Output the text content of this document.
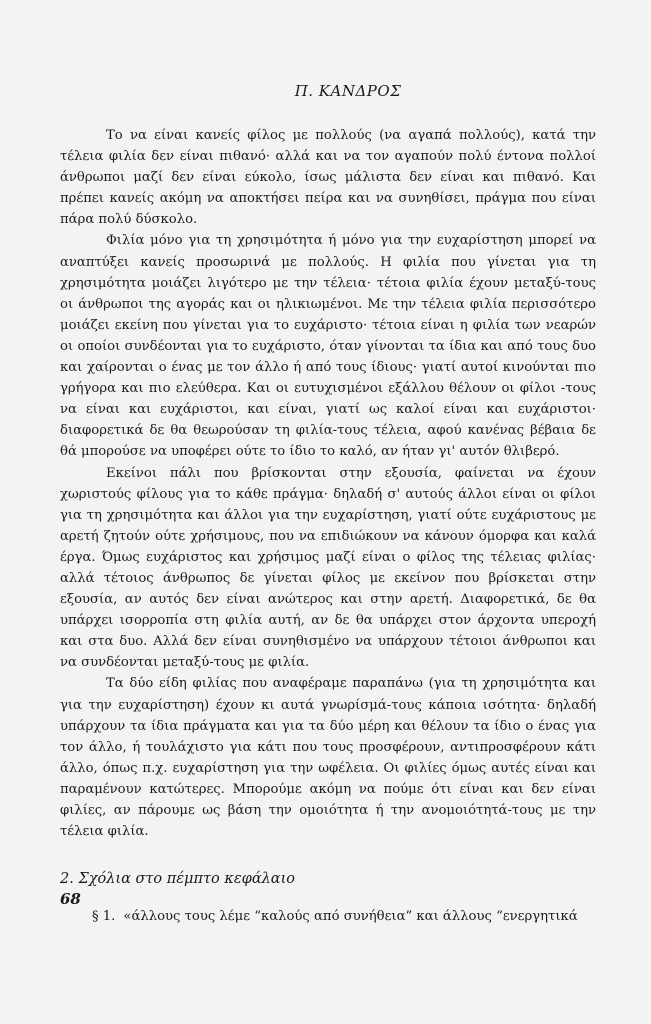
Π. ΚΑΝΔΡΟΣ

Το να είναι κανείς φίλος με πολλούς (να αγαπά πολλούς), κατά την τέλεια φιλία δεν είναι πιθανό· αλλά και να τον αγαπούν πολύ έντονα πολλοί άνθρωποι μαζί δεν είναι εύκολο, ίσως μάλιστα δεν είναι και πιθανό. Και πρέπει κανείς ακόμη να αποκτήσει πείρα και να συνηθίσει, πράγμα που είναι πάρα πολύ δύσκολο.

Φιλία μόνο για τη χρησιμότητα ή μόνο για την ευχαρίστηση μπορεί να αναπτύξει κανείς προσωρινά με πολλούς. Η φιλία που γίνεται για τη χρησιμότητα μοιάζει λιγότερο με την τέλεια· τέτοια φιλία έχουν μεταξύ-τους οι άνθρωποι της αγοράς και οι ηλικιωμένοι. Με την τέλεια φιλία περισσότερο μοιάζει εκείνη που γίνεται για το ευχάριστο· τέτοια είναι η φιλία των νεαρών οι οποίοι συνδέονται για το ευχάριστο, όταν γίνονται τα ίδια και από τους δυο και χαίρονται ο ένας με τον άλλο ή από τους ίδιους· γιατί αυτοί κινούνται πιο γρήγορα και πιο ελεύθερα. Και οι ευτυχισμένοι εξάλλου θέλουν οι φίλοι -τους να είναι και ευχάριστοι, και είναι, γιατί ως καλοί είναι και ευχάριστοι· διαφορετικά δε θα θεωρούσαν τη φιλία-τους τέλεια, αφού κανένας βέβαια δε θά μπορούσε να υποφέρει ούτε το ίδιο το καλό, αν ήταν γι' αυτόν θλιβερό.

Εκείνοι πάλι που βρίσκονται στην εξουσία, φαίνεται να έχουν χωριστούς φίλους για το κάθε πράγμα· δηλαδή σ' αυτούς άλλοι είναι οι φίλοι για τη χρησιμότητα και άλλοι για την ευχαρίστηση, γιατί ούτε ευχάριστους με αρετή ζητούν ούτε χρήσιμους, που να επιδιώκουν να κάνουν όμορφα και καλά έργα. Όμως ευχάριστος και χρήσιμος μαζί είναι ο φίλος της τέλειας φιλίας· αλλά τέτοιος άνθρωπος δε γίνεται φίλος με εκείνον που βρίσκεται στην εξουσία, αν αυτός δεν είναι ανώτερος και στην αρετή. Διαφορετικά, δε θα υπάρχει ισορροπία στη φιλία αυτή, αν δε θα υπάρχει στον άρχοντα υπεροχή και στα δυο. Αλλά δεν είναι συνηθισμένο να υπάρχουν τέτοιοι άνθρωποι και να συνδέονται μεταξύ-τους με φιλία.

Τα δύο είδη φιλίας που αναφέραμε παραπάνω (για τη χρησιμότητα και για την ευχαρίστηση) έχουν κι αυτά γνωρίσμά-τους κάποια ισότητα· δηλαδή υπάρχουν τα ίδια πράγματα και για τα δύο μέρη και θέλουν τα ίδιο ο ένας για τον άλλο, ή τουλάχιστο για κάτι που τους προσφέρουν, αντιπροσφέρουν κάτι άλλο, όπως π.χ. ευχαρίστηση για την ωφέλεια. Οι φιλίες όμως αυτές είναι και παραμένουν κατώτερες. Μπορούμε ακόμη να πούμε ότι είναι και δεν είναι φιλίες, αν πάρουμε ως βάση την ομοιότητα ή την ανομοιότητά-τους με την τέλεια φιλία.

2. Σχόλια στο πέμπτο κεφάλαιο

§ 1. «άλλους τους λέμε “καλούς από συνήθεια” και άλλους “ενεργητικά

68
